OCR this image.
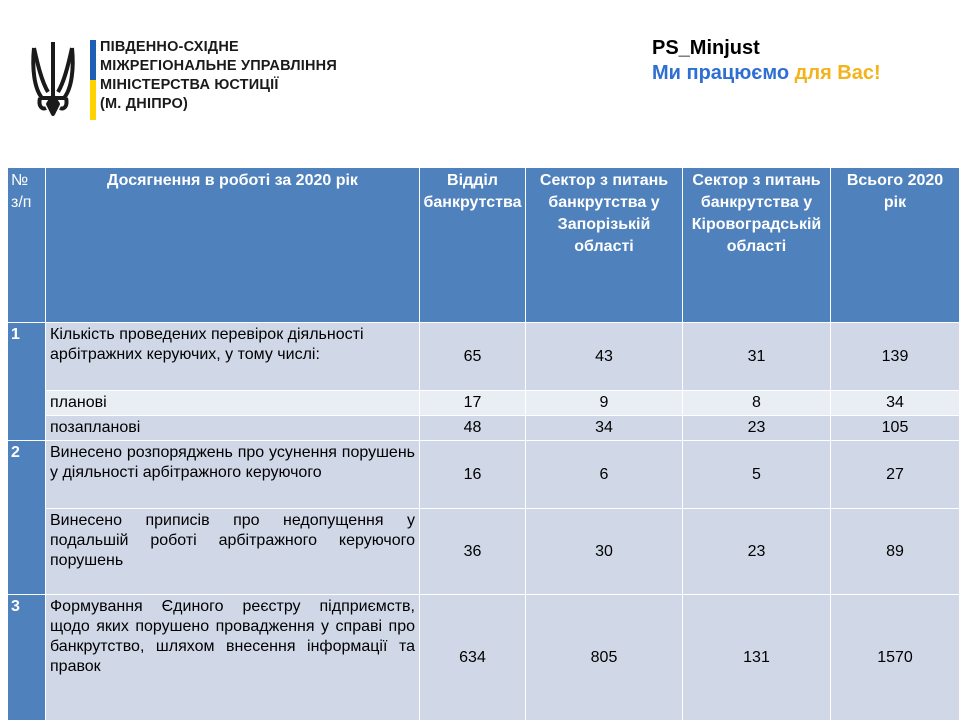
ПІВДЕННО-СХІДНЕ
МІЖРЕГІОНАЛЬНЕ УПРАВЛІННЯ
МІНІСТЕРСТВА ЮСТИЦІЇ
(М. ДНІПРО)
PS_Minjust
Ми працюємо для Вас!
№ з/п	Досягнення в роботі за 2020 рік	Відділ банкрутства	Сектор з питань банкрутства у Запорізькій області	Сектор з питань банкрутства у Кіровоградській області	Всього 2020 рік
1	Кількість проведених перевірок діяльності арбітражних керуючих, у тому числі:	65	43	31	139
	планові	17	9	8	34
	позапланові	48	34	23	105
2	Винесено розпоряджень про усунення порушень у діяльності арбітражного керуючого	16	6	5	27
	Винесено приписів про недопущення у подальшій роботі арбітражного керуючого порушень	36	30	23	89
3	Формування Єдиного реєстру підприємств, щодо яких порушено провадження у справі про банкрутство, шляхом внесення інформації та правок	634	805	131	1570
